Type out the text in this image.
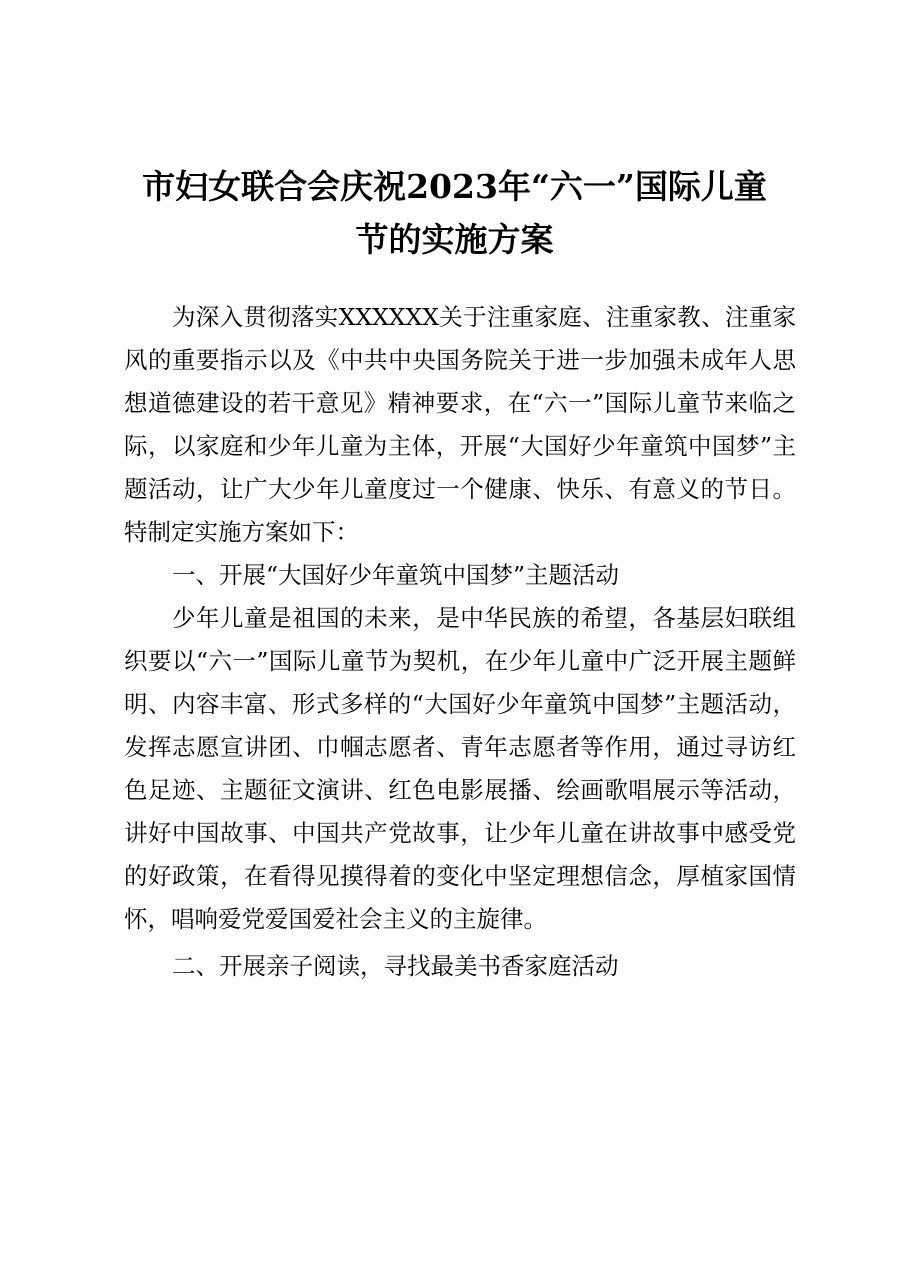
市妇女联合会庆祝2023年“六一”国际儿童
节的实施方案

为深入贯彻落实XXXXXX关于注重家庭、注重家教、注重家风的重要指示以及《中共中央国务院关于进一步加强未成年人思想道德建设的若干意见》精神要求，在“六一”国际儿童节来临之际，以家庭和少年儿童为主体，开展“大国好少年童筑中国梦”主题活动，让广大少年儿童度过一个健康、快乐、有意义的节日。特制定实施方案如下：

一、开展“大国好少年童筑中国梦”主题活动

少年儿童是祖国的未来，是中华民族的希望，各基层妇联组织要以“六一”国际儿童节为契机，在少年儿童中广泛开展主题鲜明、内容丰富、形式多样的“大国好少年童筑中国梦”主题活动，发挥志愿宣讲团、巾帼志愿者、青年志愿者等作用，通过寻访红色足迹、主题征文演讲、红色电影展播、绘画歌唱展示等活动，讲好中国故事、中国共产党故事，让少年儿童在讲故事中感受党的好政策，在看得见摸得着的变化中坚定理想信念，厚植家国情怀，唱响爱党爱国爱社会主义的主旋律。

二、开展亲子阅读，寻找最美书香家庭活动
